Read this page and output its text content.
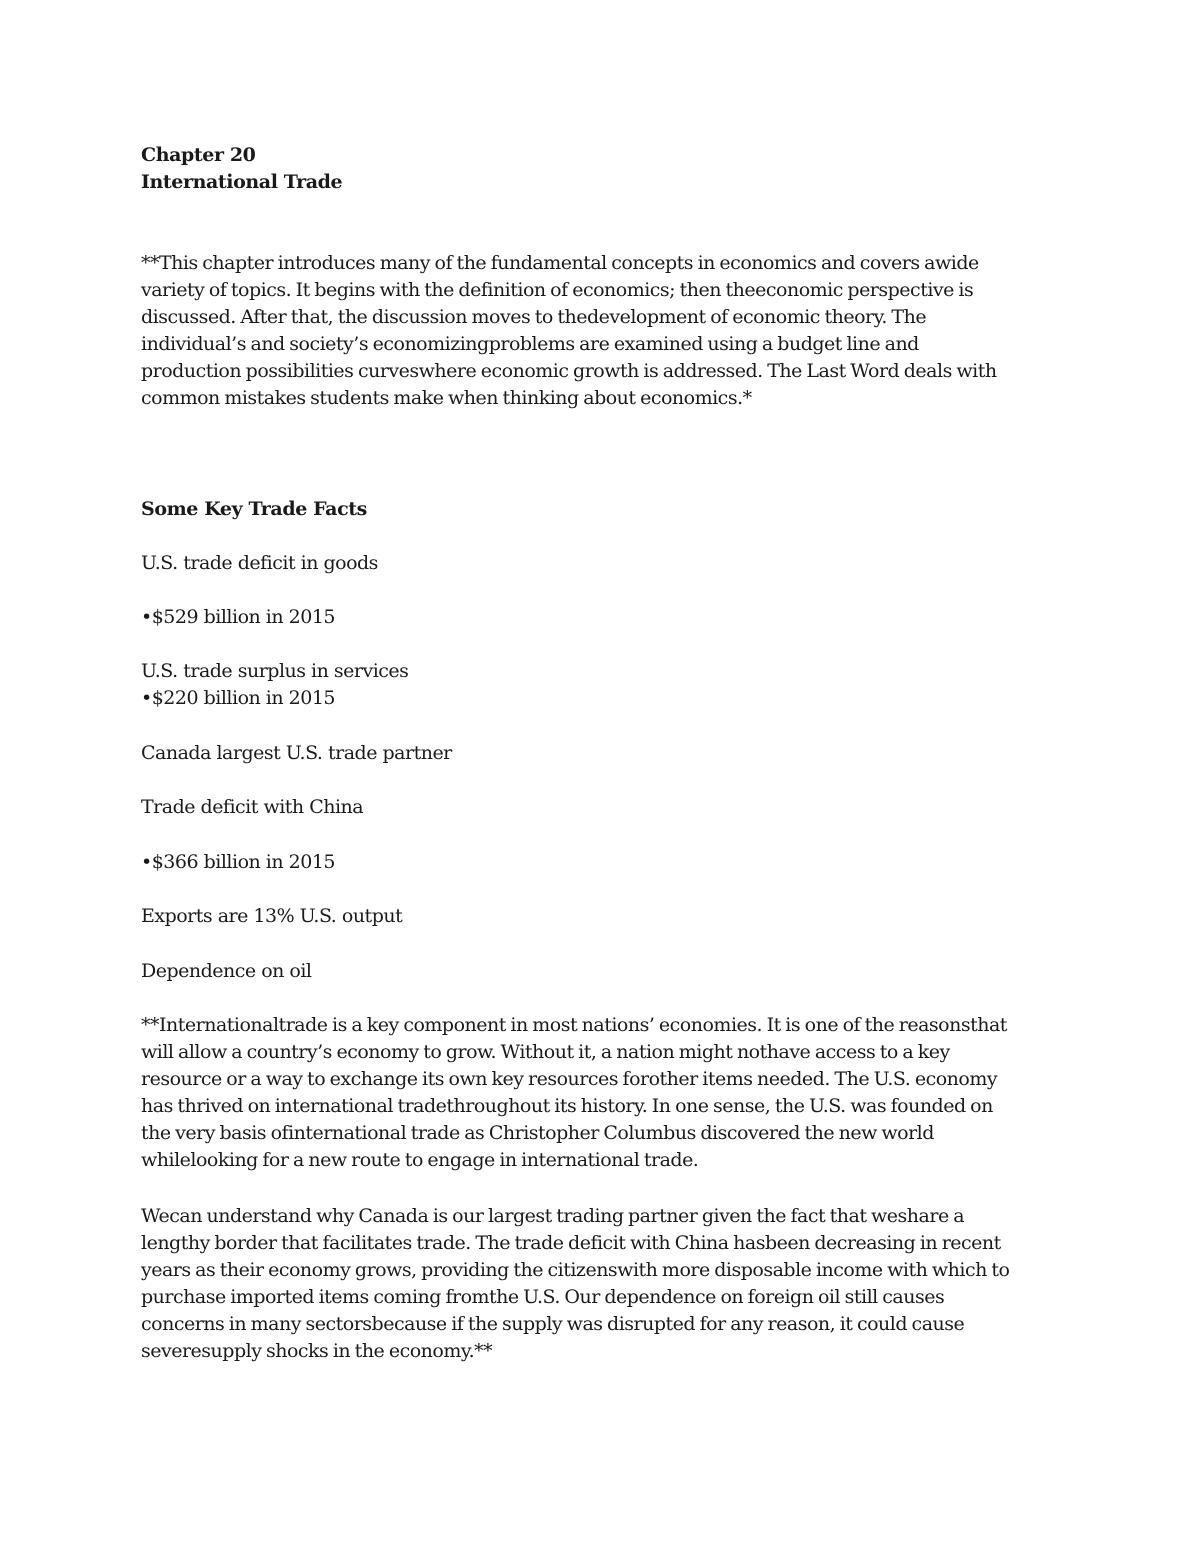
Chapter 20

International Trade

**This chapter introduces many of the fundamental concepts in economics and covers awide
variety of topics. It begins with the definition of economics; then theeconomic perspective is
discussed. After that, the discussion moves to thedevelopment of economic theory. The
individual’s and society’s economizingproblems are examined using a budget line and
production possibilities curveswhere economic growth is addressed. The Last Word deals with
common mistakes students make when thinking about economics.*

Some Key Trade Facts

U.S. trade deficit in goods
•$529 billion in 2015
U.S. trade surplus in services
•$220 billion in 2015
Canada largest U.S. trade partner
Trade deficit with China
•$366 billion in 2015
Exports are 13% U.S. output
Dependence on oil

**Internationaltrade is a key component in most nations’ economies. It is one of the reasonsthat
will allow a country’s economy to grow. Without it, a nation might nothave access to a key
resource or a way to exchange its own key resources forother items needed. The U.S. economy
has thrived on international tradethroughout its history. In one sense, the U.S. was founded on
the very basis ofinternational trade as Christopher Columbus discovered the new world
whilelooking for a new route to engage in international trade.

Wecan understand why Canada is our largest trading partner given the fact that weshare a
lengthy border that facilitates trade. The trade deficit with China hasbeen decreasing in recent
years as their economy grows, providing the citizenswith more disposable income with which to
purchase imported items coming fromthe U.S. Our dependence on foreign oil still causes
concerns in many sectorsbecause if the supply was disrupted for any reason, it could cause
severesupply shocks in the economy.**
